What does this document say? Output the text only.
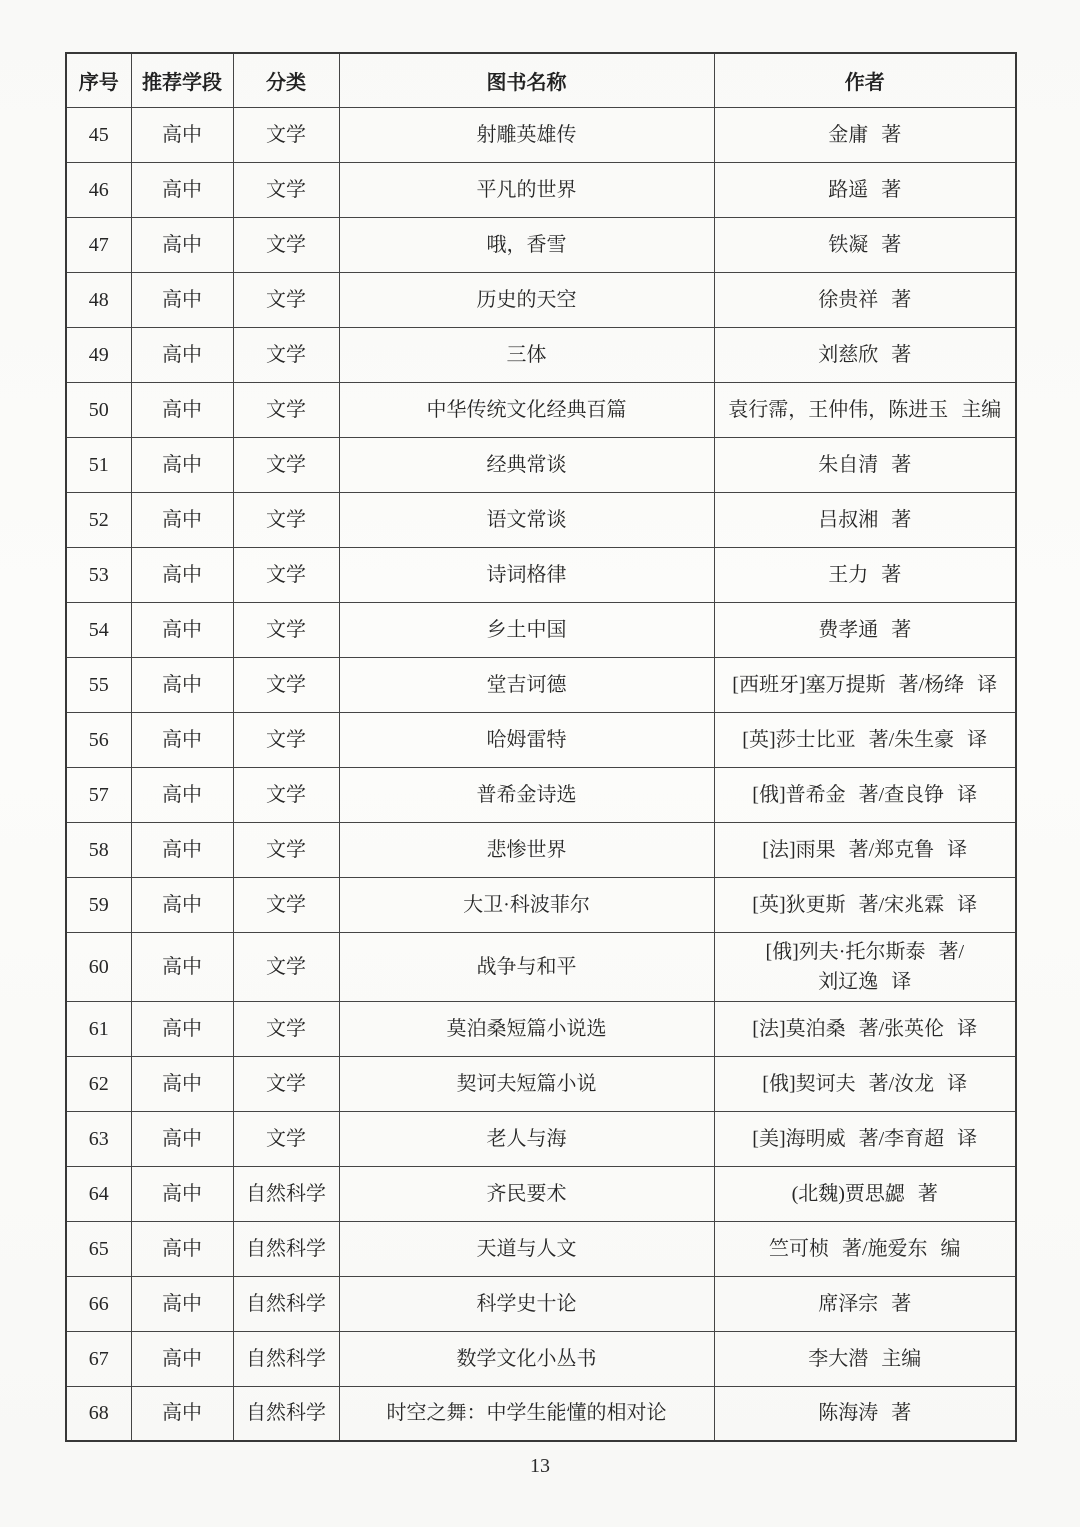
序号	推荐学段	分类	图书名称	作者
45	高中	文学	射雕英雄传	金庸 著
46	高中	文学	平凡的世界	路遥 著
47	高中	文学	哦，香雪	铁凝 著
48	高中	文学	历史的天空	徐贵祥 著
49	高中	文学	三体	刘慈欣 著
50	高中	文学	中华传统文化经典百篇	袁行霈，王仲伟，陈进玉 主编
51	高中	文学	经典常谈	朱自清 著
52	高中	文学	语文常谈	吕叔湘 著
53	高中	文学	诗词格律	王力 著
54	高中	文学	乡土中国	费孝通 著
55	高中	文学	堂吉诃德	[西班牙]塞万提斯 著/杨绛 译
56	高中	文学	哈姆雷特	[英]莎士比亚 著/朱生豪 译
57	高中	文学	普希金诗选	[俄]普希金 著/查良铮 译
58	高中	文学	悲惨世界	[法]雨果 著/郑克鲁 译
59	高中	文学	大卫·科波菲尔	[英]狄更斯 著/宋兆霖 译
60	高中	文学	战争与和平	[俄]列夫·托尔斯泰 著/
刘辽逸 译
61	高中	文学	莫泊桑短篇小说选	[法]莫泊桑 著/张英伦 译
62	高中	文学	契诃夫短篇小说	[俄]契诃夫 著/汝龙 译
63	高中	文学	老人与海	[美]海明威 著/李育超 译
64	高中	自然科学	齐民要术	(北魏)贾思勰 著
65	高中	自然科学	天道与人文	竺可桢 著/施爱东 编
66	高中	自然科学	科学史十论	席泽宗 著
67	高中	自然科学	数学文化小丛书	李大潜 主编
68	高中	自然科学	时空之舞：中学生能懂的相对论	陈海涛 著
13
